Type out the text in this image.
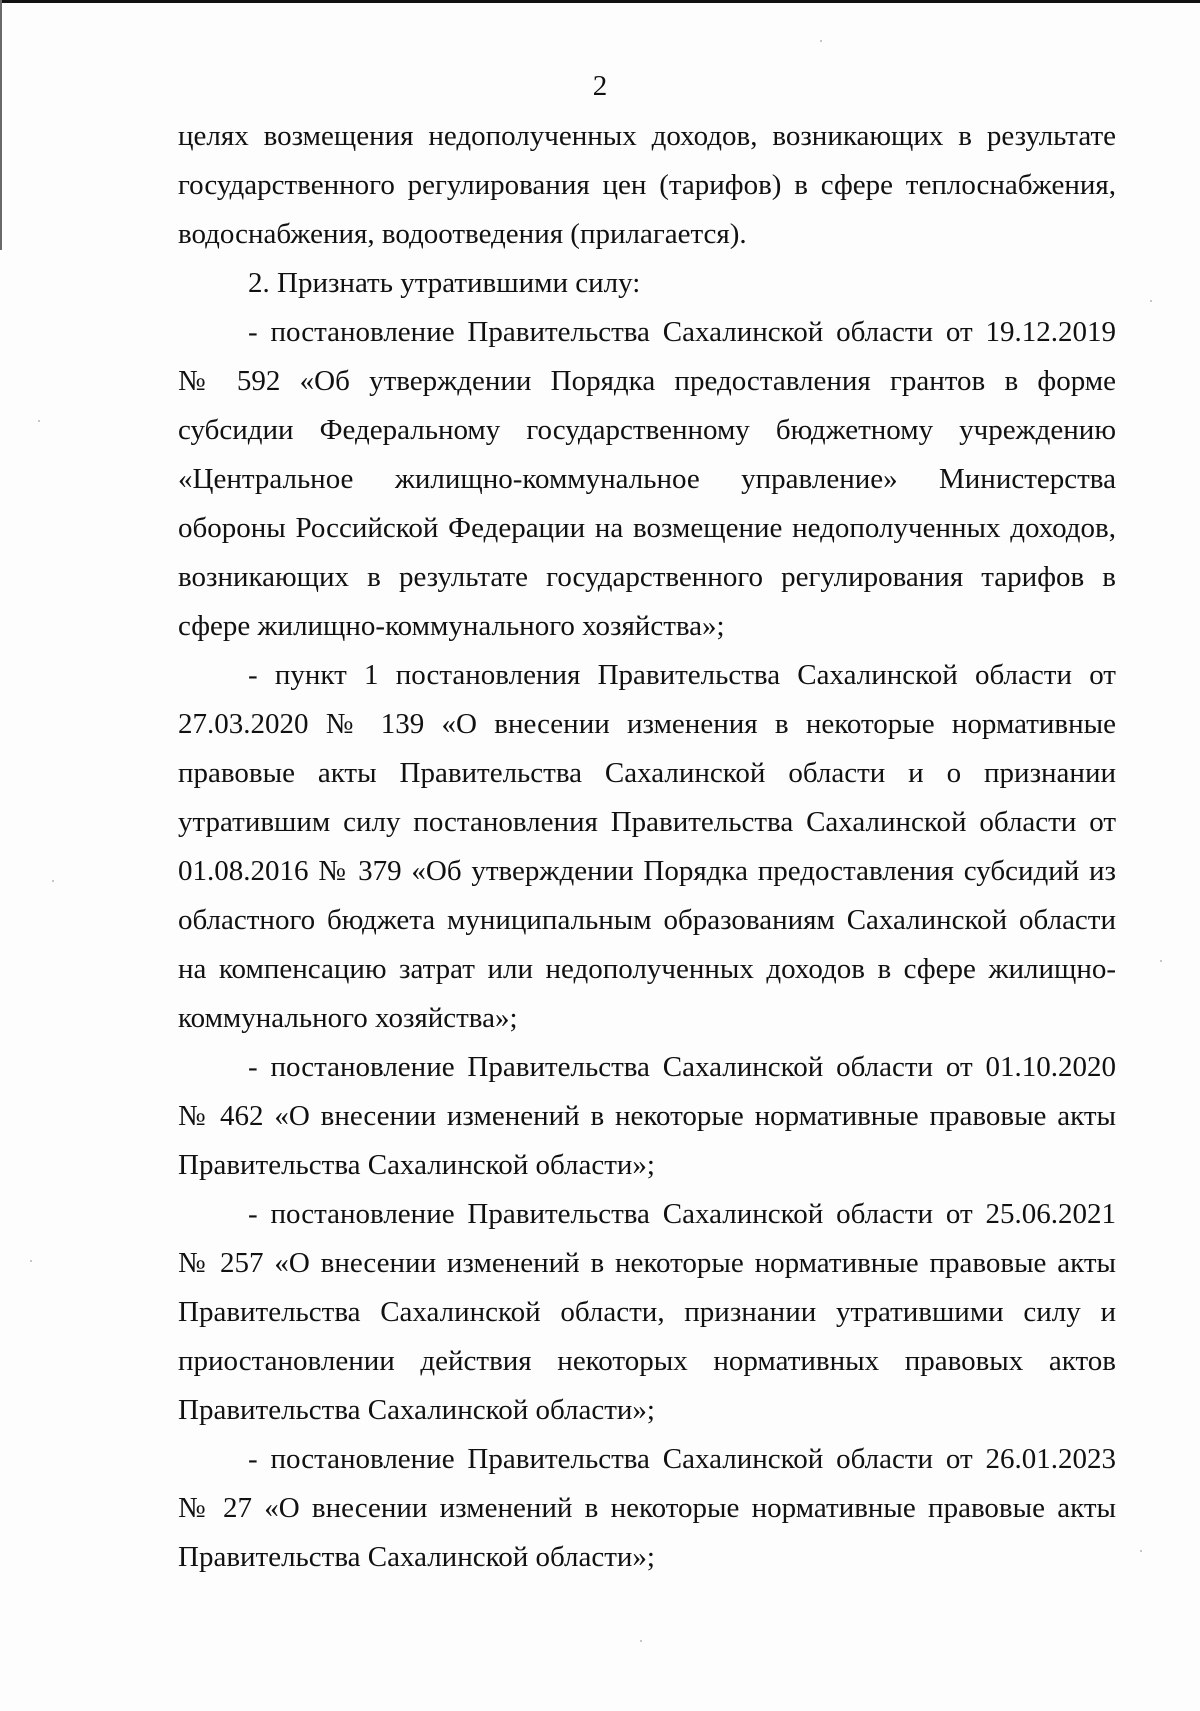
2

целях возмещения недополученных доходов, возникающих в результате государственного регулирования цен (тарифов) в сфере теплоснабжения, водоснабжения, водоотведения (прилагается).

2. Признать утратившими силу:

- постановление Правительства Сахалинской области от 19.12.2019 № 592 «Об утверждении Порядка предоставления грантов в форме субсидии Федеральному государственному бюджетному учреждению «Центральное жилищно-коммунальное управление» Министерства обороны Российской Федерации на возмещение недополученных доходов, возникающих в результате государственного регулирования тарифов в сфере жилищно-коммунального хозяйства»;

- пункт 1 постановления Правительства Сахалинской области от 27.03.2020 № 139 «О внесении изменения в некоторые нормативные правовые акты Правительства Сахалинской области и о признании утратившим силу постановления Правительства Сахалинской области от 01.08.2016 № 379 «Об утверждении Порядка предоставления субсидий из областного бюджета муниципальным образованиям Сахалинской области на компенсацию затрат или недополученных доходов в сфере жилищно-коммунального хозяйства»;

- постановление Правительства Сахалинской области от 01.10.2020 № 462 «О внесении изменений в некоторые нормативные правовые акты Правительства Сахалинской области»;

- постановление Правительства Сахалинской области от 25.06.2021 № 257 «О внесении изменений в некоторые нормативные правовые акты Правительства Сахалинской области, признании утратившими силу и приостановлении действия некоторых нормативных правовых актов Правительства Сахалинской области»;

- постановление Правительства Сахалинской области от 26.01.2023 № 27 «О внесении изменений в некоторые нормативные правовые акты Правительства Сахалинской области»;
